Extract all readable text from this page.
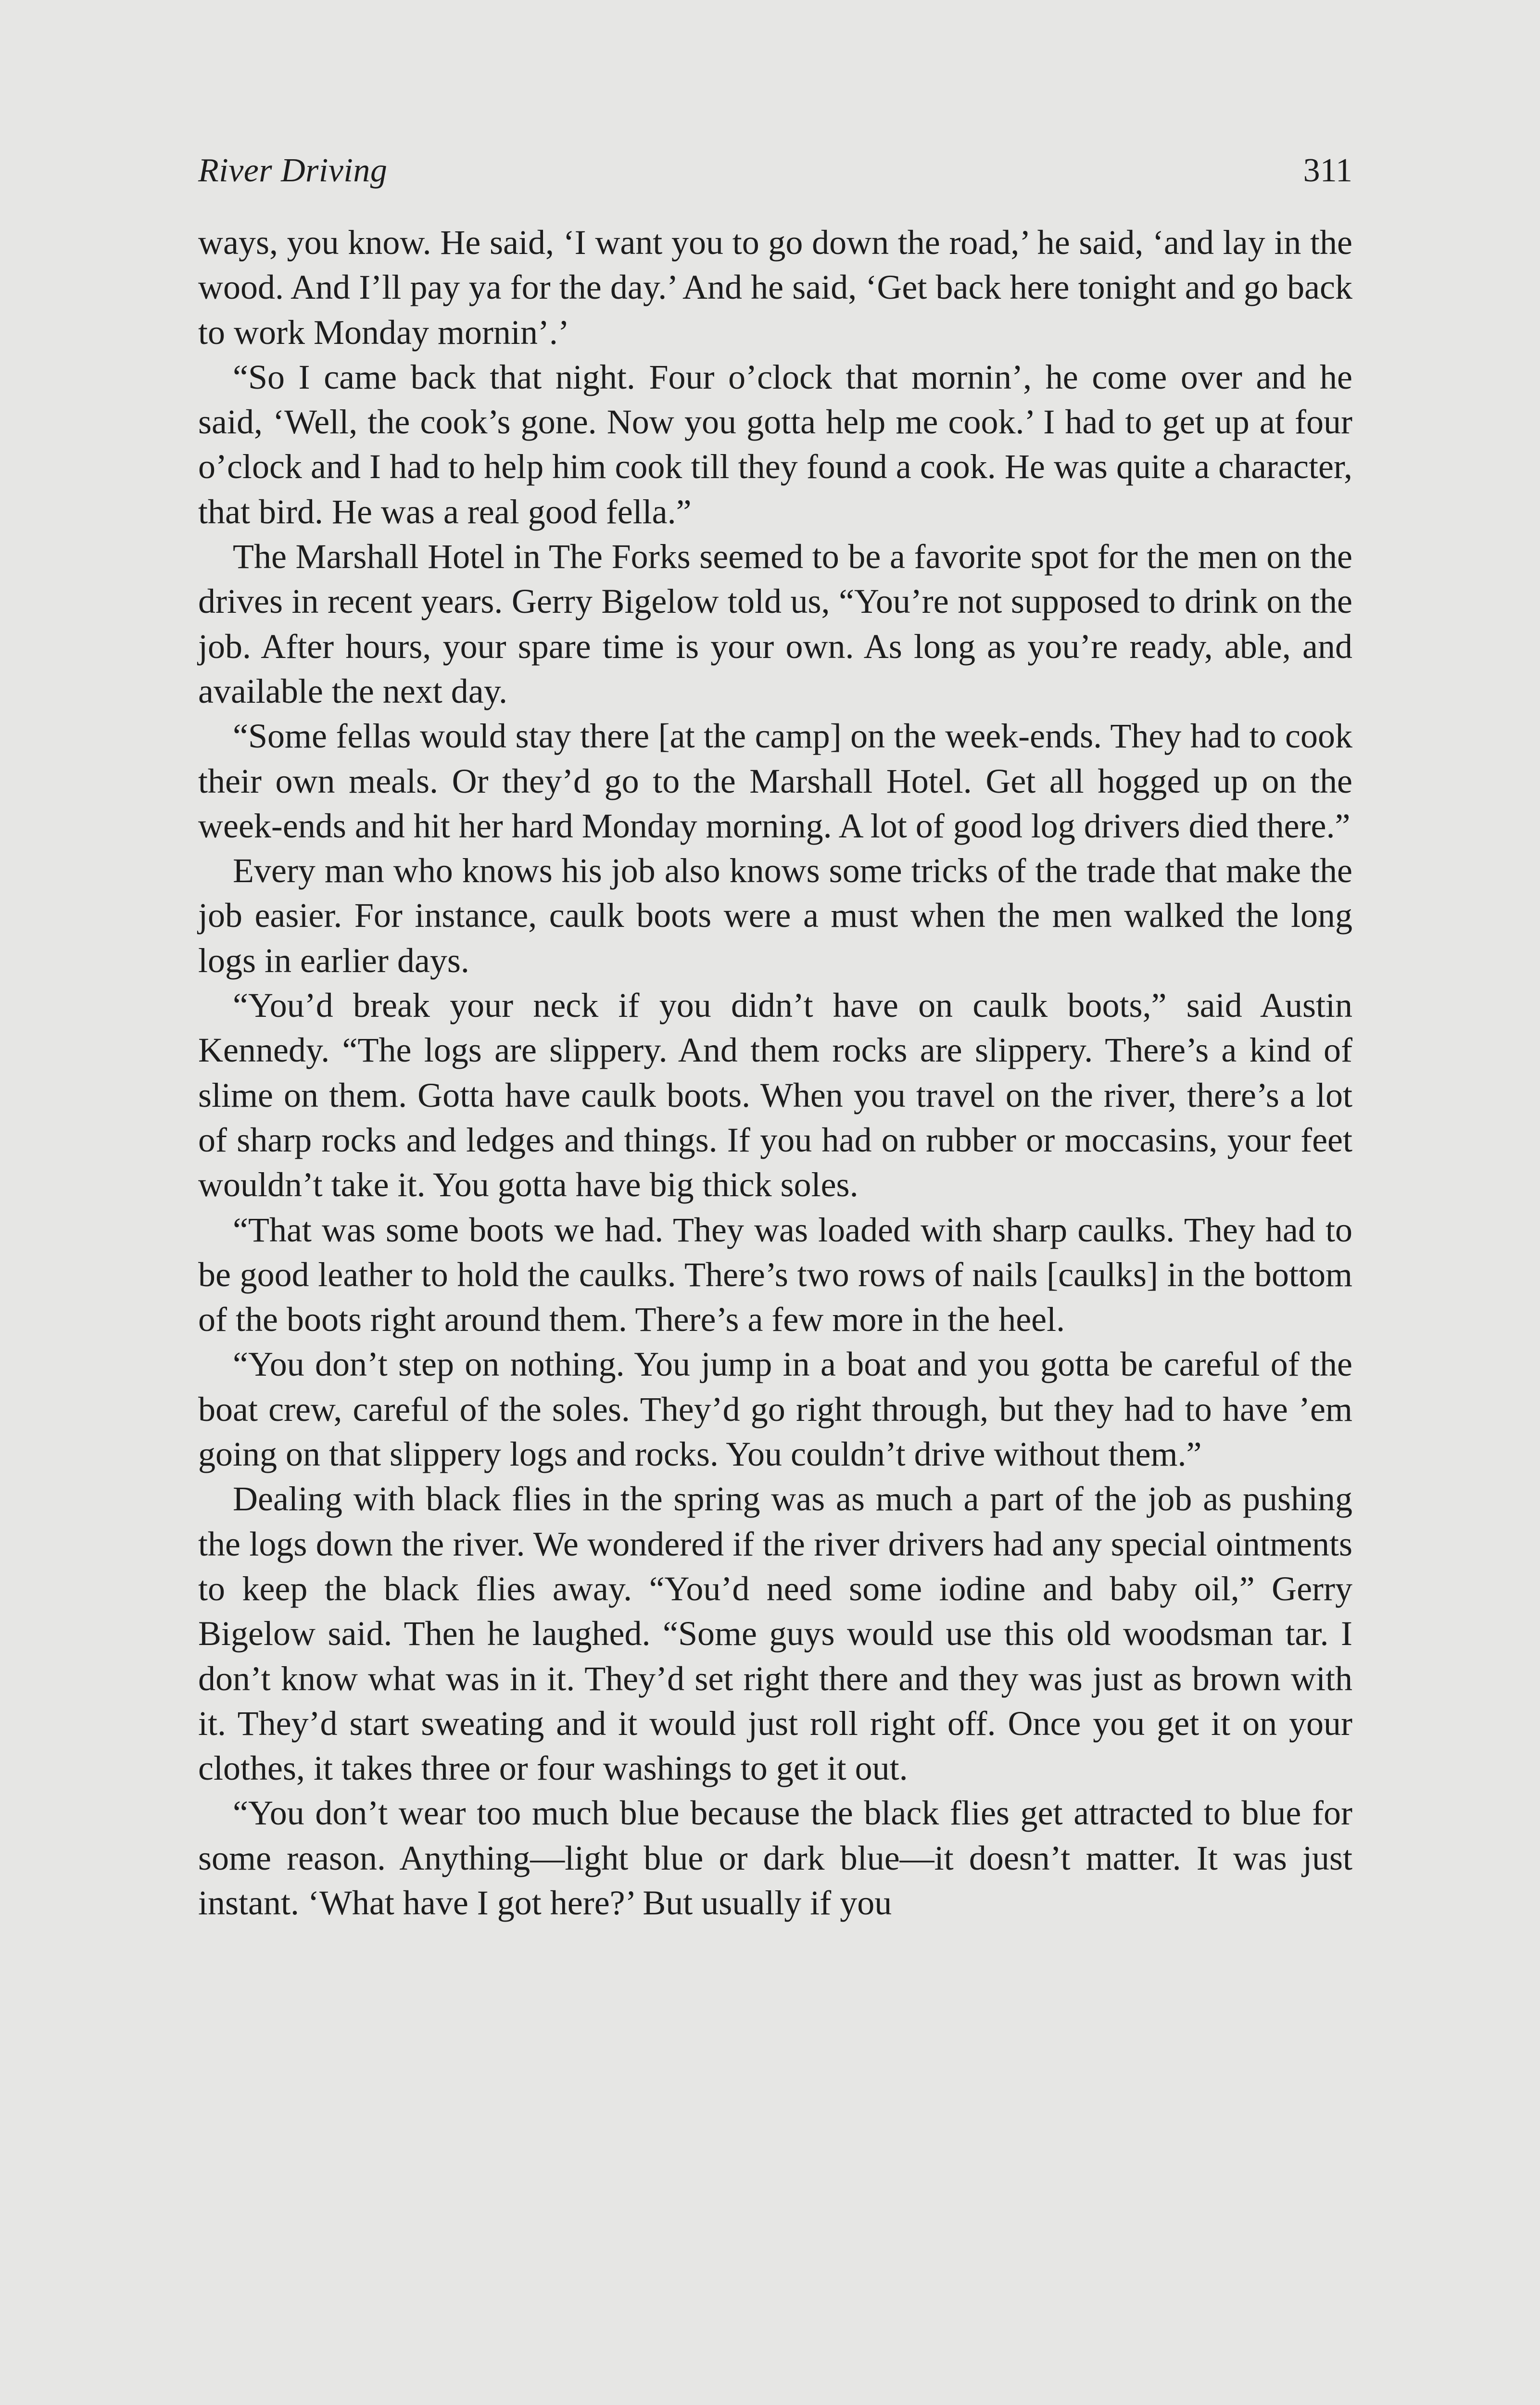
River Driving	311

ways, you know. He said, ‘I want you to go down the road,’ he said, ‘and lay in the wood. And I’ll pay ya for the day.’ And he said, ‘Get back here tonight and go back to work Monday mornin’.’

“So I came back that night. Four o’clock that mornin’, he come over and he said, ‘Well, the cook’s gone. Now you gotta help me cook.’ I had to get up at four o’clock and I had to help him cook till they found a cook. He was quite a character, that bird. He was a real good fella.”

The Marshall Hotel in The Forks seemed to be a favorite spot for the men on the drives in recent years. Gerry Bigelow told us, “You’re not supposed to drink on the job. After hours, your spare time is your own. As long as you’re ready, able, and available the next day.

“Some fellas would stay there [at the camp] on the week-ends. They had to cook their own meals. Or they’d go to the Marshall Hotel. Get all hogged up on the week-ends and hit her hard Monday morning. A lot of good log drivers died there.”

Every man who knows his job also knows some tricks of the trade that make the job easier. For instance, caulk boots were a must when the men walked the long logs in earlier days.

“You’d break your neck if you didn’t have on caulk boots,” said Austin Kennedy. “The logs are slippery. And them rocks are slippery. There’s a kind of slime on them. Gotta have caulk boots. When you travel on the river, there’s a lot of sharp rocks and ledges and things. If you had on rubber or moccasins, your feet wouldn’t take it. You gotta have big thick soles.

“That was some boots we had. They was loaded with sharp caulks. They had to be good leather to hold the caulks. There’s two rows of nails [caulks] in the bottom of the boots right around them. There’s a few more in the heel.

“You don’t step on nothing. You jump in a boat and you gotta be careful of the boat crew, careful of the soles. They’d go right through, but they had to have ’em going on that slippery logs and rocks. You couldn’t drive without them.”

Dealing with black flies in the spring was as much a part of the job as pushing the logs down the river. We wondered if the river drivers had any special ointments to keep the black flies away. “You’d need some iodine and baby oil,” Gerry Bigelow said. Then he laughed. “Some guys would use this old woodsman tar. I don’t know what was in it. They’d set right there and they was just as brown with it. They’d start sweating and it would just roll right off. Once you get it on your clothes, it takes three or four washings to get it out.

“You don’t wear too much blue because the black flies get attracted to blue for some reason. Anything—light blue or dark blue—it doesn’t matter. It was just instant. ‘What have I got here?’ But usually if you
